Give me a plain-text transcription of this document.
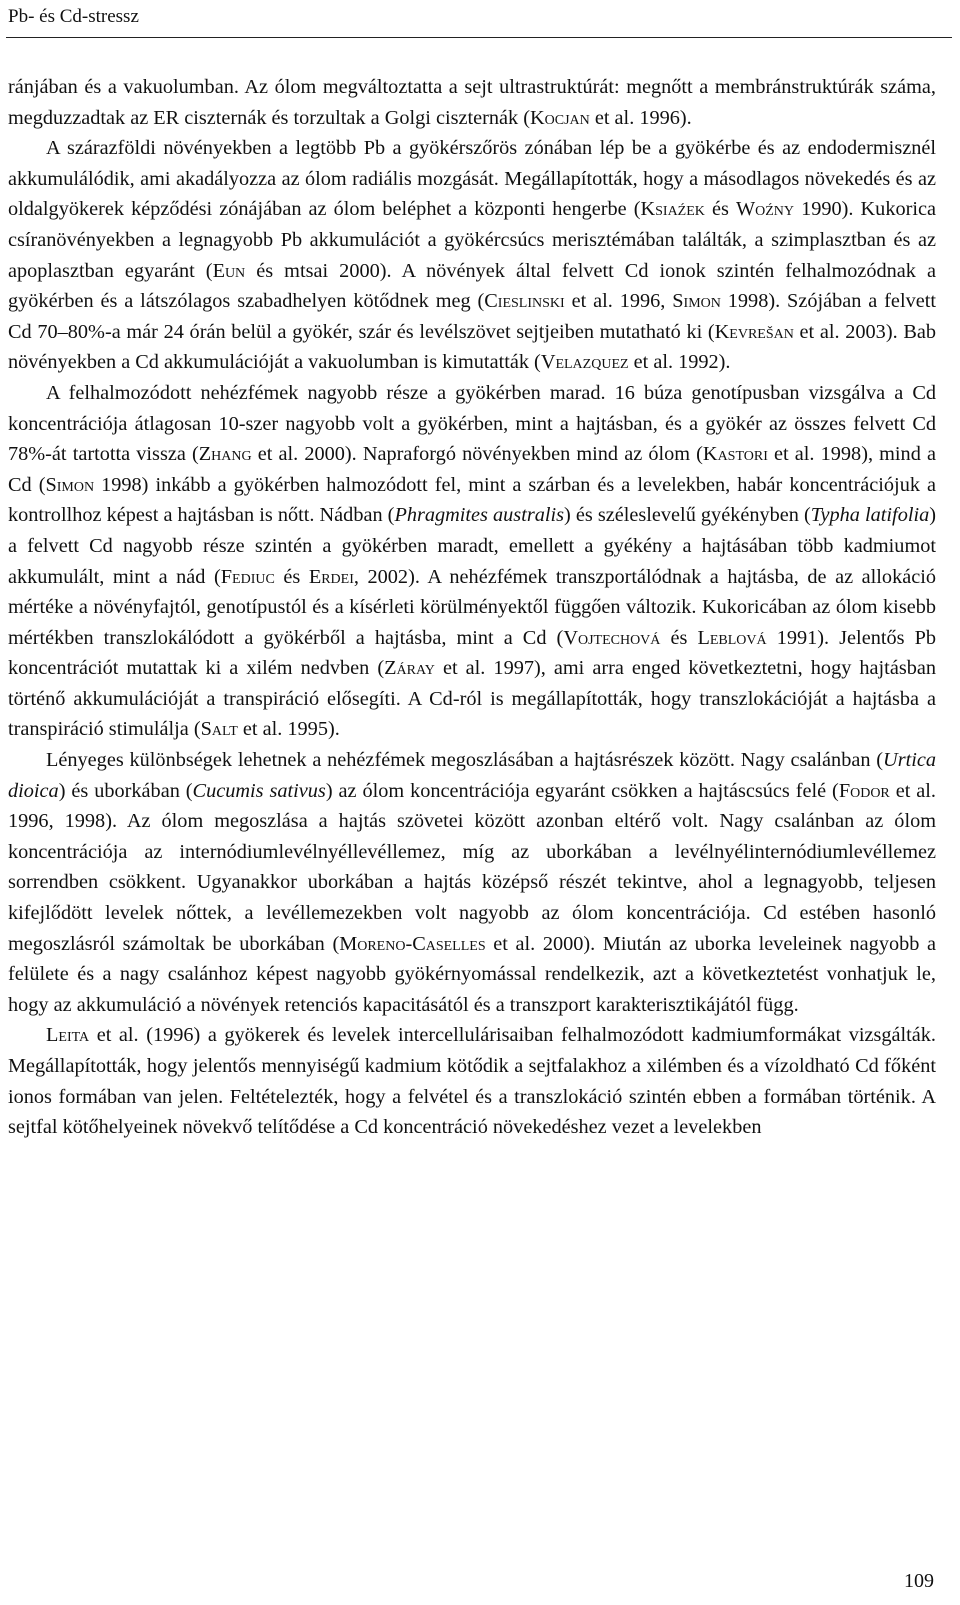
Pb- és Cd-stressz

ránjában és a vakuolumban. Az ólom megváltoztatta a sejt ultrastruktúrát: megnőtt a membránstruktúrák száma, megduzzadtak az ER ciszternák és torzultak a Golgi ciszternák (Kocjan et al. 1996).

A szárazföldi növényekben a legtöbb Pb a gyökérszőrös zónában lép be a gyökérbe és az endodermisznél akkumulálódik, ami akadályozza az ólom radiális mozgását. Megállapították, hogy a másodlagos növekedés és az oldalgyökerek képződési zónájában az ólom beléphet a központi hengerbe (Ksiaźek és Woźny 1990). Kukorica csíranövényekben a legnagyobb Pb akkumulációt a gyökércsúcs merisztémában találták, a szimplasztban és az apoplasztban egyaránt (Eun és mtsai 2000). A növények által felvett Cd ionok szintén felhalmozódnak a gyökérben és a látszólagos szabadhelyen kötődnek meg (Cieslinski et al. 1996, Simon 1998). Szójában a felvett Cd 70–80%-a már 24 órán belül a gyökér, szár és levélszövet sejtjeiben mutatható ki (Kevrešan et al. 2003). Bab növényekben a Cd akkumulációját a vakuolumban is kimutatták (Velazquez et al. 1992).

A felhalmozódott nehézfémek nagyobb része a gyökérben marad. 16 búza genotípusban vizsgálva a Cd koncentrációja átlagosan 10-szer nagyobb volt a gyökérben, mint a hajtásban, és a gyökér az összes felvett Cd 78%-át tartotta vissza (Zhang et al. 2000). Napraforgó növényekben mind az ólom (Kastori et al. 1998), mind a Cd (Simon 1998) inkább a gyökérben halmozódott fel, mint a szárban és a levelekben, habár koncentrációjuk a kontrollhoz képest a hajtásban is nőtt. Nádban (Phragmites australis) és széleslevelű gyékényben (Typha latifolia) a felvett Cd nagyobb része szintén a gyökérben maradt, emellett a gyékény a hajtásában több kadmiumot akkumulált, mint a nád (Fediuc és Erdei, 2002). A nehézfémek transzportálódnak a hajtásba, de az allokáció mértéke a növényfajtól, genotípustól és a kísérleti körülményektől függően változik. Kukoricában az ólom kisebb mértékben transzlokálódott a gyökérből a hajtásba, mint a Cd (Vojtechová és Leblová 1991). Jelentős Pb koncentrációt mutattak ki a xilém nedvben (Záray et al. 1997), ami arra enged következtetni, hogy hajtásban történő akkumulációját a transpiráció elősegíti. A Cd-ról is megállapították, hogy transzlokációját a hajtásba a transpiráció stimulálja (Salt et al. 1995).

Lényeges különbségek lehetnek a nehézfémek megoszlásában a hajtásrészek között. Nagy csalánban (Urtica dioica) és uborkában (Cucumis sativus) az ólom koncentrációja egyaránt csökken a hajtáscsúcs felé (Fodor et al. 1996, 1998). Az ólom megoszlása a hajtás szövetei között azonban eltérő volt. Nagy csalánban az ólom koncentrációja az internódiumlevélnyéllevéllemez, míg az uborkában a levélnyélinternódiumlevéllemez sorrendben csökkent. Ugyanakkor uborkában a hajtás középső részét tekintve, ahol a legnagyobb, teljesen kifejlődött levelek nőttek, a levéllemezekben volt nagyobb az ólom koncentrációja. Cd estében hasonló megoszlásról számoltak be uborkában (Moreno-Caselles et al. 2000). Miután az uborka leveleinek nagyobb a felülete és a nagy csalánhoz képest nagyobb gyökérnyomással rendelkezik, azt a következtetést vonhatjuk le, hogy az akkumuláció a növények retenciós kapacitásától és a transzport karakterisztikájától függ.

Leita et al. (1996) a gyökerek és levelek intercellulárisaiban felhalmozódott kadmiumformákat vizsgálták. Megállapították, hogy jelentős mennyiségű kadmium kötődik a sejtfalakhoz a xilémben és a vízoldható Cd főként ionos formában van jelen. Feltételezték, hogy a felvétel és a transzlokáció szintén ebben a formában történik. A sejtfal kötőhelyeinek növekvő telítődése a Cd koncentráció növekedéshez vezet a levelekben

109
